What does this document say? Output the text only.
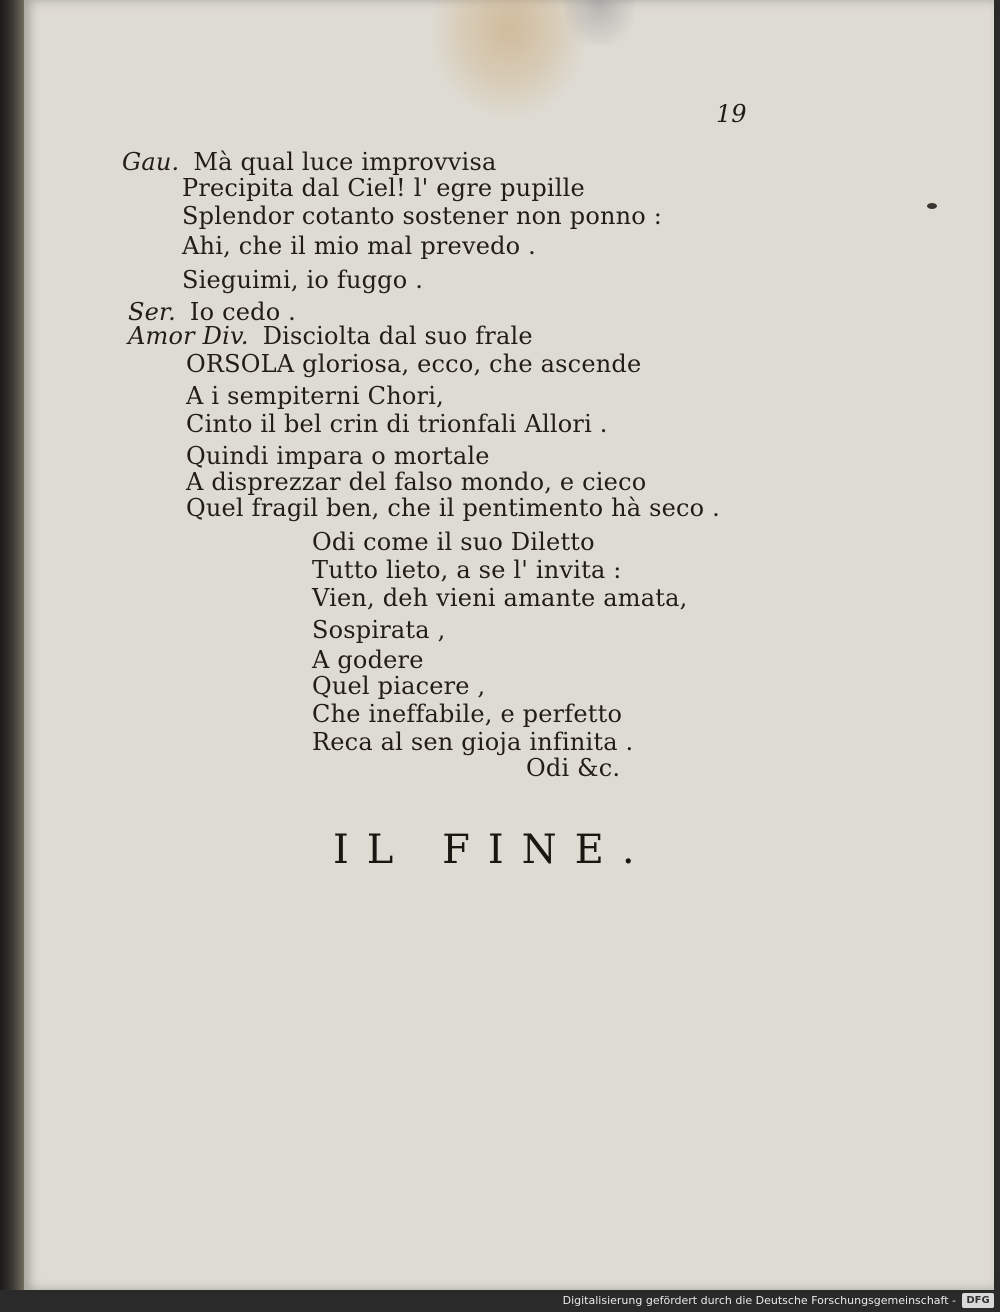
19
Gau. Mà qual luce improvvisa
Precipita dal Ciel! l' egre pupille
Splendor cotanto sostener non ponno :
Ahi, che il mio mal prevedo .
Sieguimi, io fuggo .
Ser. Io cedo .
Amor Div. Disciolta dal suo frale
ORSOLA gloriosa, ecco, che ascende
A i sempiterni Chori,
Cinto il bel crin di trionfali Allori .
Quindi impara o mortale
A disprezzar del falso mondo, e cieco
Quel fragil ben, che il pentimento hà seco .
Odi come il suo Diletto
Tutto lieto, a se l' invita :
Vien, deh vieni amante amata,
Sospirata ,
A godere
Quel piacere ,
Che ineffabile, e perfetto
Reca al sen gioja infinita .
Odi &c.
IL FINE.
Digitalisierung gefördert durch die Deutsche Forschungsgemeinschaft -	DFG
